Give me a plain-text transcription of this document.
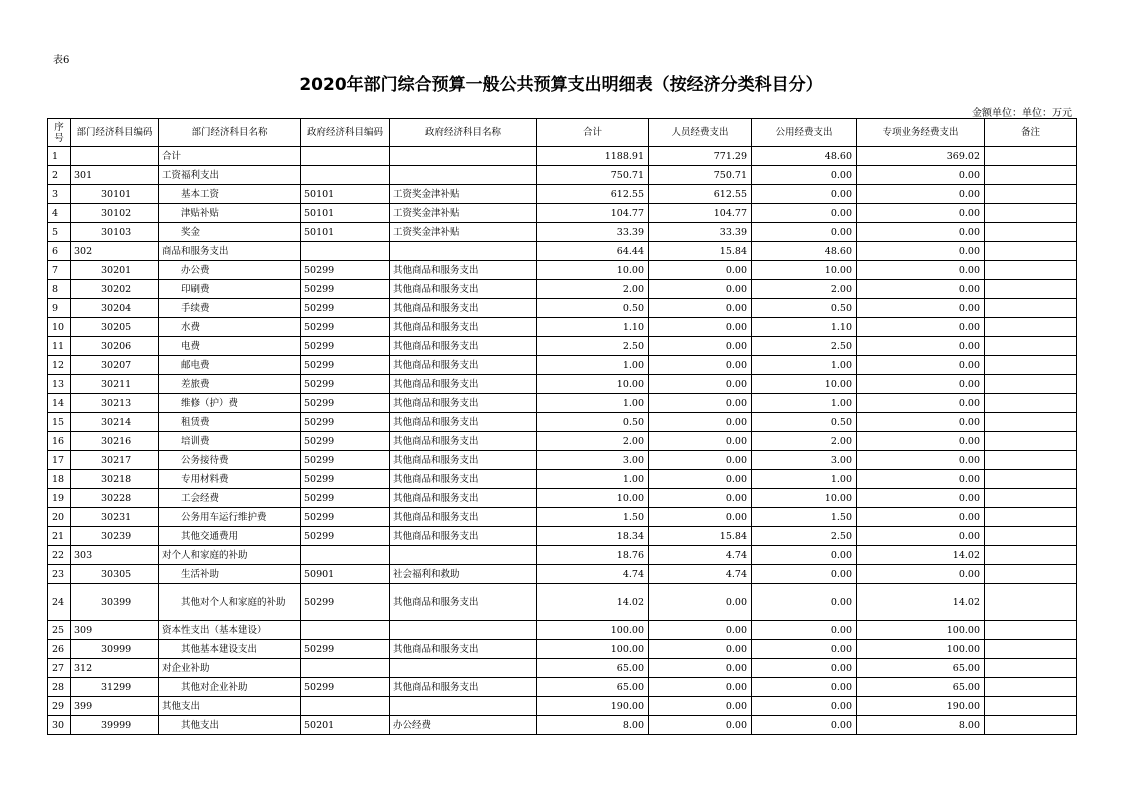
表6
2020年部门综合预算一般公共预算支出明细表（按经济分类科目分）
金额单位：单位：万元
序号	部门经济科目编码	部门经济科目名称	政府经济科目编码	政府经济科目名称	合计	人员经费支出	公用经费支出	专项业务经费支出	备注
1		合计			1188.91	771.29	48.60	369.02	
2	301	工资福利支出			750.71	750.71	0.00	0.00	
3	30101	基本工资	50101	工资奖金津补贴	612.55	612.55	0.00	0.00	
4	30102	津贴补贴	50101	工资奖金津补贴	104.77	104.77	0.00	0.00	
5	30103	奖金	50101	工资奖金津补贴	33.39	33.39	0.00	0.00	
6	302	商品和服务支出			64.44	15.84	48.60	0.00	
7	30201	办公费	50299	其他商品和服务支出	10.00	0.00	10.00	0.00	
8	30202	印刷费	50299	其他商品和服务支出	2.00	0.00	2.00	0.00	
9	30204	手续费	50299	其他商品和服务支出	0.50	0.00	0.50	0.00	
10	30205	水费	50299	其他商品和服务支出	1.10	0.00	1.10	0.00	
11	30206	电费	50299	其他商品和服务支出	2.50	0.00	2.50	0.00	
12	30207	邮电费	50299	其他商品和服务支出	1.00	0.00	1.00	0.00	
13	30211	差旅费	50299	其他商品和服务支出	10.00	0.00	10.00	0.00	
14	30213	维修（护）费	50299	其他商品和服务支出	1.00	0.00	1.00	0.00	
15	30214	租赁费	50299	其他商品和服务支出	0.50	0.00	0.50	0.00	
16	30216	培训费	50299	其他商品和服务支出	2.00	0.00	2.00	0.00	
17	30217	公务接待费	50299	其他商品和服务支出	3.00	0.00	3.00	0.00	
18	30218	专用材料费	50299	其他商品和服务支出	1.00	0.00	1.00	0.00	
19	30228	工会经费	50299	其他商品和服务支出	10.00	0.00	10.00	0.00	
20	30231	公务用车运行维护费	50299	其他商品和服务支出	1.50	0.00	1.50	0.00	
21	30239	其他交通费用	50299	其他商品和服务支出	18.34	15.84	2.50	0.00	
22	303	对个人和家庭的补助			18.76	4.74	0.00	14.02	
23	30305	生活补助	50901	社会福利和救助	4.74	4.74	0.00	0.00	
24	30399	其他对个人和家庭的补助	50299	其他商品和服务支出	14.02	0.00	0.00	14.02	
25	309	资本性支出（基本建设）			100.00	0.00	0.00	100.00	
26	30999	其他基本建设支出	50299	其他商品和服务支出	100.00	0.00	0.00	100.00	
27	312	对企业补助			65.00	0.00	0.00	65.00	
28	31299	其他对企业补助	50299	其他商品和服务支出	65.00	0.00	0.00	65.00	
29	399	其他支出			190.00	0.00	0.00	190.00	
30	39999	其他支出	50201	办公经费	8.00	0.00	0.00	8.00	
